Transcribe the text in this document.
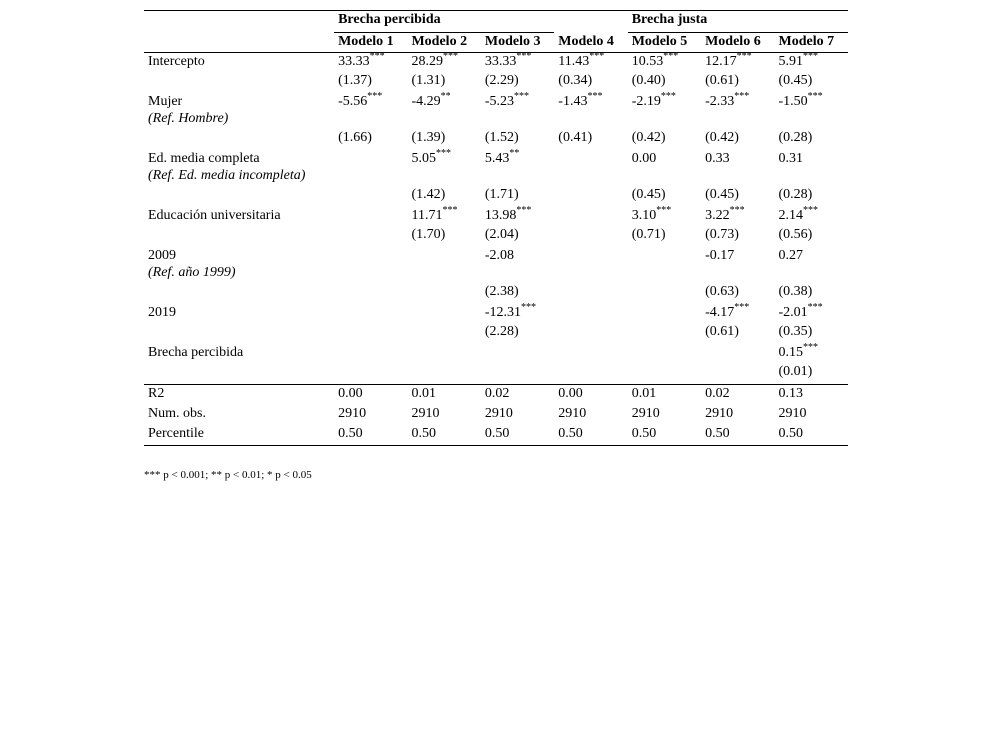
	Brecha percibida				Brecha justa		
	Modelo 1	Modelo 2	Modelo 3	Modelo 4	Modelo 5	Modelo 6	Modelo 7
Intercepto	33.33***	28.29***	33.33***	11.43***	10.53***	12.17***	5.91***
	(1.37)	(1.31)	(2.29)	(0.34)	(0.40)	(0.61)	(0.45)
Mujer
(Ref. Hombre)	-5.56***	-4.29**	-5.23***	-1.43***	-2.19***	-2.33***	-1.50***
	(1.66)	(1.39)	(1.52)	(0.41)	(0.42)	(0.42)	(0.28)
Ed. media completa
(Ref. Ed. media incompleta)		5.05***	5.43**		0.00	0.33	0.31
		(1.42)	(1.71)		(0.45)	(0.45)	(0.28)
Educación universitaria		11.71***	13.98***		3.10***	3.22***	2.14***
		(1.70)	(2.04)		(0.71)	(0.73)	(0.56)
2009
(Ref. año 1999)			-2.08			-0.17	0.27
			(2.38)			(0.63)	(0.38)
2019			-12.31***			-4.17***	-2.01***
			(2.28)			(0.61)	(0.35)
Brecha percibida							0.15***
							(0.01)
R2	0.00	0.01	0.02	0.00	0.01	0.02	0.13
Num. obs.	2910	2910	2910	2910	2910	2910	2910
Percentile	0.50	0.50	0.50	0.50	0.50	0.50	0.50
*** p < 0.001; ** p < 0.01; * p < 0.05
